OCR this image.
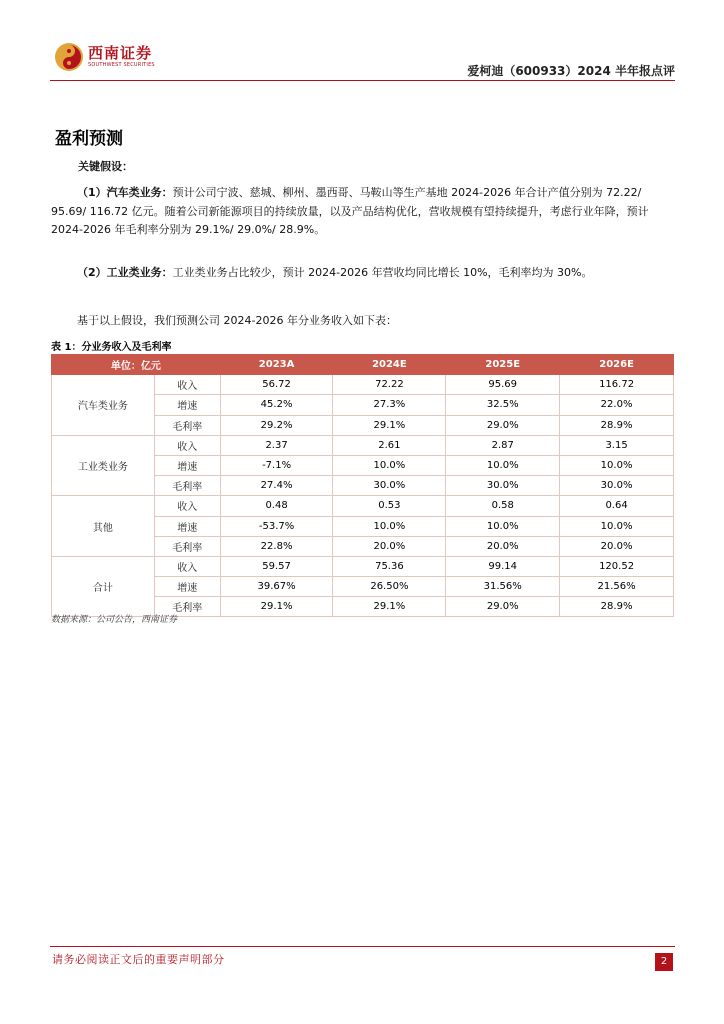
西南证券
SOUTHWEST SECURITIES	爱柯迪（600933）2024 半年报点评
盈利预测
关键假设：
（1）汽车类业务：预计公司宁波、慈城、柳州、墨西哥、马鞍山等生产基地 2024-2026 年合计产值分别为 72.22/ 95.69/ 116.72 亿元。随着公司新能源项目的持续放量，以及产品结构优化，营收规模有望持续提升，考虑行业年降，预计 2024-2026 年毛利率分别为 29.1%/ 29.0%/ 28.9%。
（2）工业类业务：工业类业务占比较少，预计 2024-2026 年营收均同比增长 10%，毛利率均为 30%。
基于以上假设，我们预测公司 2024-2026 年分业务收入如下表：
表 1：分业务收入及毛利率
单位：亿元		2023A	2024E	2025E	2026E
汽车类业务	收入	56.72	72.22	95.69	116.72
	增速	45.2%	27.3%	32.5%	22.0%
	毛利率	29.2%	29.1%	29.0%	28.9%
工业类业务	收入	2.37	2.61	2.87	3.15
	增速	-7.1%	10.0%	10.0%	10.0%
	毛利率	27.4%	30.0%	30.0%	30.0%
其他	收入	0.48	0.53	0.58	0.64
	增速	-53.7%	10.0%	10.0%	10.0%
	毛利率	22.8%	20.0%	20.0%	20.0%
合计	收入	59.57	75.36	99.14	120.52
	增速	39.67%	26.50%	31.56%	21.56%
	毛利率	29.1%	29.1%	29.0%	28.9%
数据来源：公司公告，西南证券
请务必阅读正文后的重要声明部分	2
